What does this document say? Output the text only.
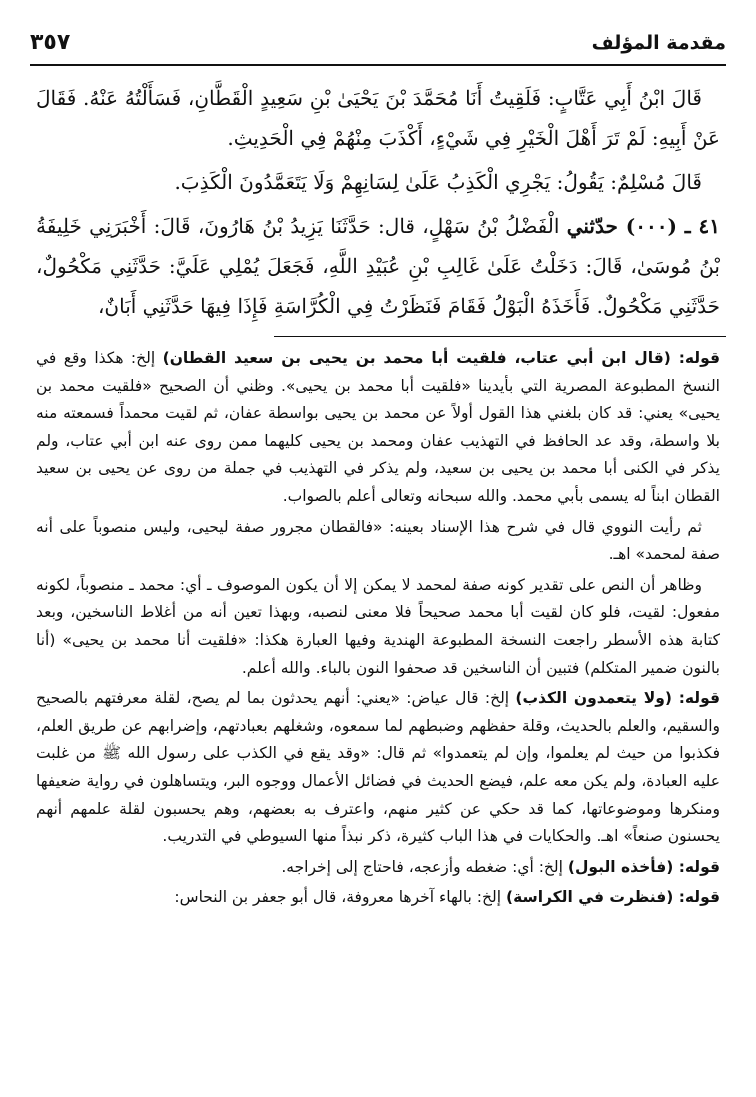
مقدمة المؤلف
٣٥٧

قَالَ ابْنُ أَبِي عَتَّابٍ: فَلَقِيتُ أَنَا مُحَمَّدَ بْنَ يَحْيَىٰ بْنِ سَعِيدٍ الْقَطَّانِ، فَسَأَلْتُهُ عَنْهُ. فَقَالَ عَنْ أَبِيهِ: لَمْ تَرَ أَهْلَ الْخَيْرِ فِي شَيْءٍ، أَكْذَبَ مِنْهُمْ فِي الْحَدِيثِ.

قَالَ مُسْلِمٌ: يَقُولُ: يَجْرِي الْكَذِبُ عَلَىٰ لِسَانِهِمْ وَلَا يَتَعَمَّدُونَ الْكَذِبَ.

٤١ ـ (٠٠٠) حدّثني الْفَضْلُ بْنُ سَهْلٍ، قال: حَدَّثَنَا يَزِيدُ بْنُ هَارُونَ، قَالَ: أَخْبَرَنِي خَلِيفَةُ بْنُ مُوسَىٰ، قَالَ: دَخَلْتُ عَلَىٰ غَالِبِ بْنِ عُبَيْدِ اللَّهِ، فَجَعَلَ يُمْلِي عَلَيَّ: حَدَّثَنِي مَكْحُولٌ، حَدَّثَنِي مَكْحُولٌ. فَأَخَذَهُ الْبَوْلُ فَقَامَ فَنَظَرْتُ فِي الْكُرَّاسَةِ فَإِذَا فِيهَا حَدَّثَنِي أَبَانٌ،

قوله: (قال ابن أبي عتاب، فلقيت أبا محمد بن يحيى بن سعيد القطان) إلخ: هكذا وقع في النسخ المطبوعة المصرية التي بأيدينا «فلقيت أبا محمد بن يحيى». وظني أن الصحيح «فلقيت محمد بن يحيى» يعني: قد كان بلغني هذا القول أولاً عن محمد بن يحيى بواسطة عفان، ثم لقيت محمداً فسمعته منه بلا واسطة، وقد عد الحافظ في التهذيب عفان ومحمد بن يحيى كليهما ممن روى عنه ابن أبي عتاب، ولم يذكر في الكنى أبا محمد بن يحيى بن سعيد، ولم يذكر في التهذيب في جملة من روى عن يحيى بن سعيد القطان ابناً له يسمى بأبي محمد. والله سبحانه وتعالى أعلم بالصواب.

ثم رأيت النووي قال في شرح هذا الإسناد بعينه: «فالقطان مجرور صفة ليحيى، وليس منصوباً على أنه صفة لمحمد» اهـ.

وظاهر أن النص على تقدير كونه صفة لمحمد لا يمكن إلا أن يكون الموصوف ـ أي: محمد ـ منصوباً، لكونه مفعول: لقيت، فلو كان لقيت أبا محمد صحيحاً فلا معنى لنصبه، وبهذا تعين أنه من أغلاط الناسخين، وبعد كتابة هذه الأسطر راجعت النسخة المطبوعة الهندية وفيها العبارة هكذا: «فلقيت أنا محمد بن يحيى» (أنا بالنون ضمير المتكلم) فتبين أن الناسخين قد صحفوا النون بالباء. والله أعلم.

قوله: (ولا يتعمدون الكذب) إلخ: قال عياض: «يعني: أنهم يحدثون بما لم يصح، لقلة معرفتهم بالصحيح والسقيم، والعلم بالحديث، وقلة حفظهم وضبطهم لما سمعوه، وشغلهم بعبادتهم، وإضرابهم عن طريق العلم، فكذبوا من حيث لم يعلموا، وإن لم يتعمدوا» ثم قال: «وقد يقع في الكذب على رسول الله ﷺ من غلبت عليه العبادة، ولم يكن معه علم، فيضع الحديث في فضائل الأعمال ووجوه البر، ويتساهلون في رواية ضعيفها ومنكرها وموضوعاتها، كما قد حكي عن كثير منهم، واعترف به بعضهم، وهم يحسبون لقلة علمهم أنهم يحسنون صنعاً» اهـ. والحكايات في هذا الباب كثيرة، ذكر نبذاً منها السيوطي في التدريب.

قوله: (فأخذه البول) إلخ: أي: ضغطه وأزعجه، فاحتاج إلى إخراجه.

قوله: (فنظرت في الكراسة) إلخ: بالهاء آخرها معروفة، قال أبو جعفر بن النحاس:
